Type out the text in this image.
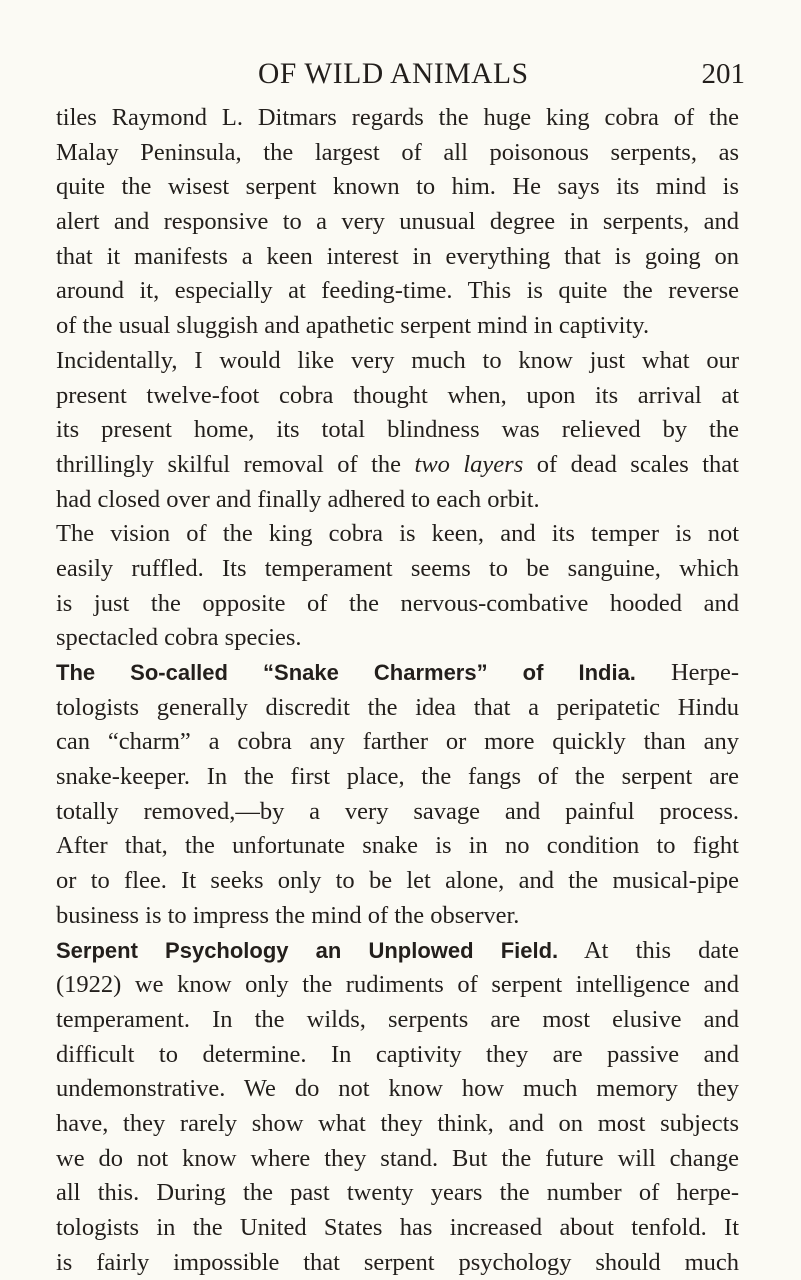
OF WILD ANIMALS	201
tiles Raymond L. Ditmars regards the huge king cobra of the
Malay Peninsula, the largest of all poisonous serpents, as
quite the wisest serpent known to him. He says its mind is
alert and responsive to a very unusual degree in serpents, and
that it manifests a keen interest in everything that is going on
around it, especially at feeding-time. This is quite the reverse
of the usual sluggish and apathetic serpent mind in captivity.
Incidentally, I would like very much to know just what our
present twelve-foot cobra thought when, upon its arrival at
its present home, its total blindness was relieved by the
thrillingly skilful removal of the two layers of dead scales that
had closed over and finally adhered to each orbit.
The vision of the king cobra is keen, and its temper is not
easily ruffled. Its temperament seems to be sanguine, which
is just the opposite of the nervous-combative hooded and
spectacled cobra species.
The So-called “Snake Charmers” of India. Herpe-
tologists generally discredit the idea that a peripatetic Hindu
can “charm” a cobra any farther or more quickly than any
snake-keeper. In the first place, the fangs of the serpent are
totally removed,—by a very savage and painful process.
After that, the unfortunate snake is in no condition to fight
or to flee. It seeks only to be let alone, and the musical-pipe
business is to impress the mind of the observer.
Serpent Psychology an Unplowed Field. At this date
(1922) we know only the rudiments of serpent intelligence and
temperament. In the wilds, serpents are most elusive and
difficult to determine. In captivity they are passive and
undemonstrative. We do not know how much memory they
have, they rarely show what they think, and on most subjects
we do not know where they stand. But the future will change
all this. During the past twenty years the number of herpe-
tologists in the United States has increased about tenfold. It
is fairly impossible that serpent psychology should much
